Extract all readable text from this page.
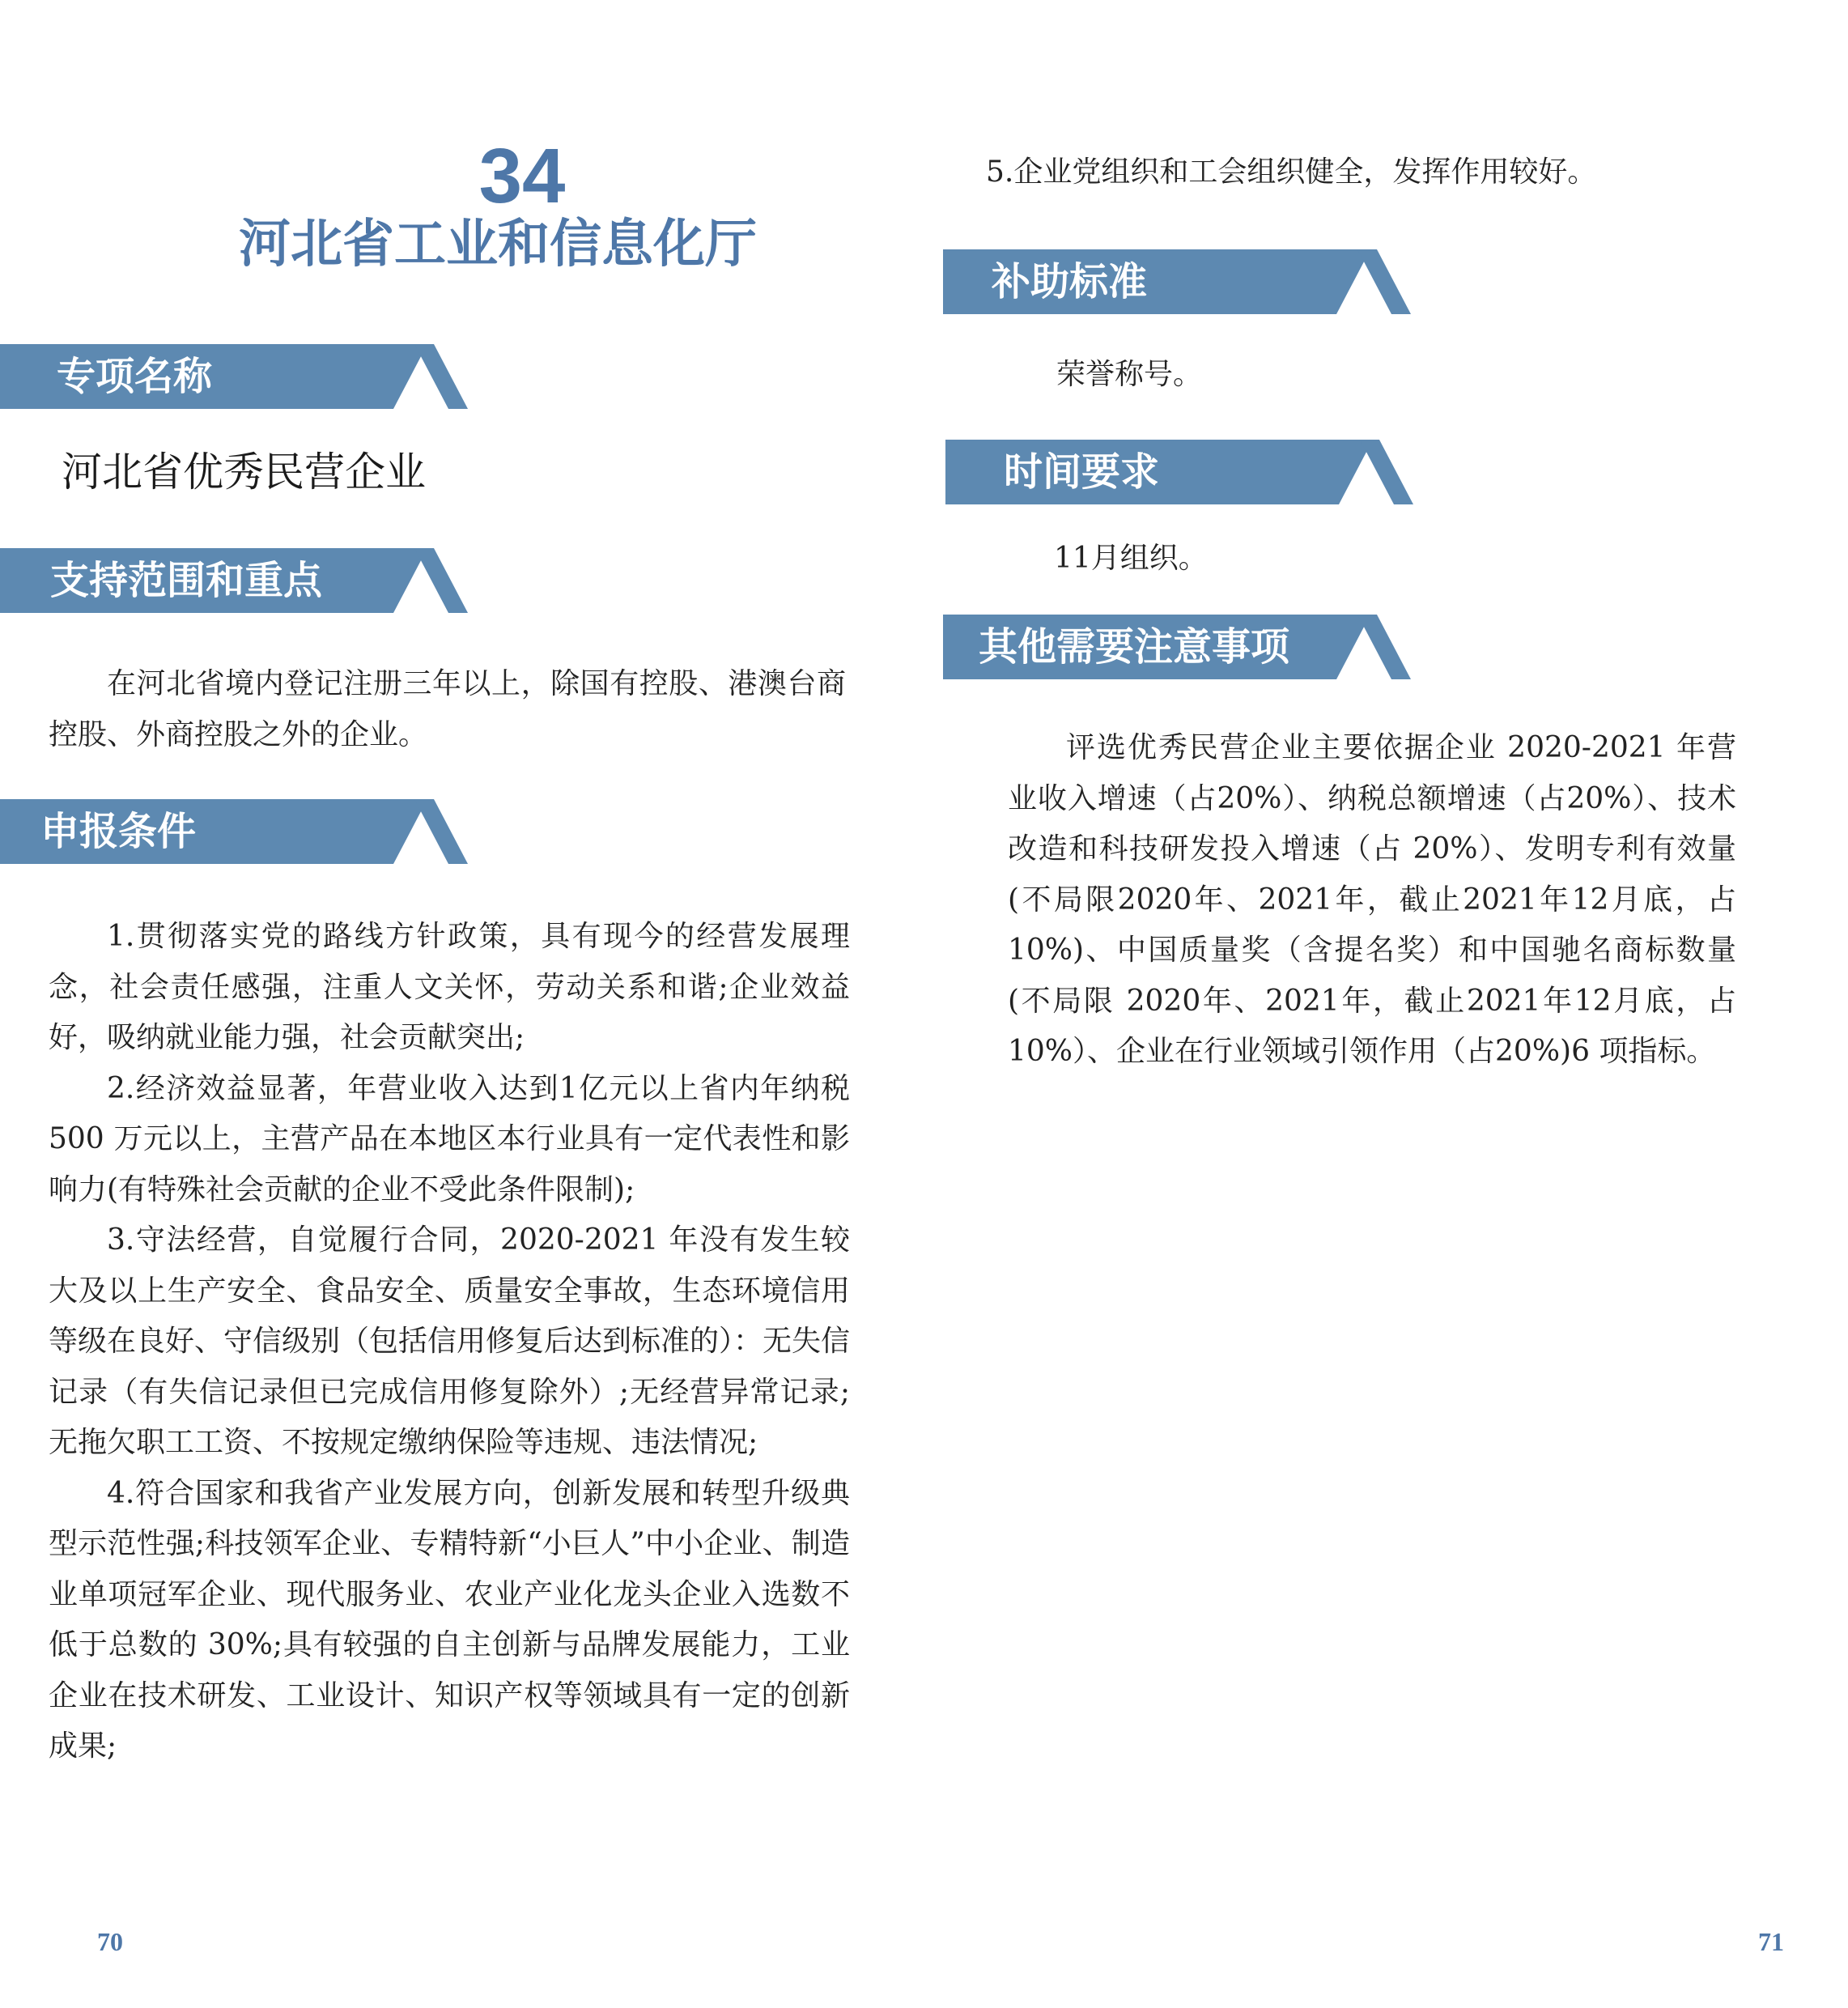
34
河北省工业和信息化厅
专项名称
河北省优秀民营企业
支持范围和重点

在河北省境内登记注册三年以上，除国有控股、港澳台商控股、外商控股之外的企业。

申报条件

1.贯彻落实党的路线方针政策，具有现今的经营发展理念，社会责任感强，注重人文关怀，劳动关系和谐;企业效益好，吸纳就业能力强，社会贡献突出;

2.经济效益显著，年营业收入达到1亿元以上省内年纳税 500 万元以上，主营产品在本地区本行业具有一定代表性和影响力(有特殊社会贡献的企业不受此条件限制);

3.守法经营，自觉履行合同，2020-2021 年没有发生较大及以上生产安全、食品安全、质量安全事故，生态环境信用等级在良好、守信级别（包括信用修复后达到标准的）：无失信记录（有失信记录但已完成信用修复除外）;无经营异常记录;无拖欠职工工资、不按规定缴纳保险等违规、违法情况;

4.符合国家和我省产业发展方向，创新发展和转型升级典型示范性强;科技领军企业、专精特新“小巨人”中小企业、制造业单项冠军企业、现代服务业、农业产业化龙头企业入选数不低于总数的 30%;具有较强的自主创新与品牌发展能力，工业企业在技术研发、工业设计、知识产权等领域具有一定的创新成果;

5.企业党组织和工会组织健全，发挥作用较好。

补助标准

荣誉称号。

时间要求

11月组织。

其他需要注意事项

评选优秀民营企业主要依据企业 2020-2021 年营业收入增速（占20%）、纳税总额增速（占20%）、技术改造和科技研发投入增速（占 20%）、发明专利有效量(不局限2020年、2021年，截止2021年12月底，占10%)、中国质量奖（含提名奖）和中国驰名商标数量(不局限 2020年、2021年，截止2021年12月底，占10%）、企业在行业领域引领作用（占20%)6 项指标。

70	71
